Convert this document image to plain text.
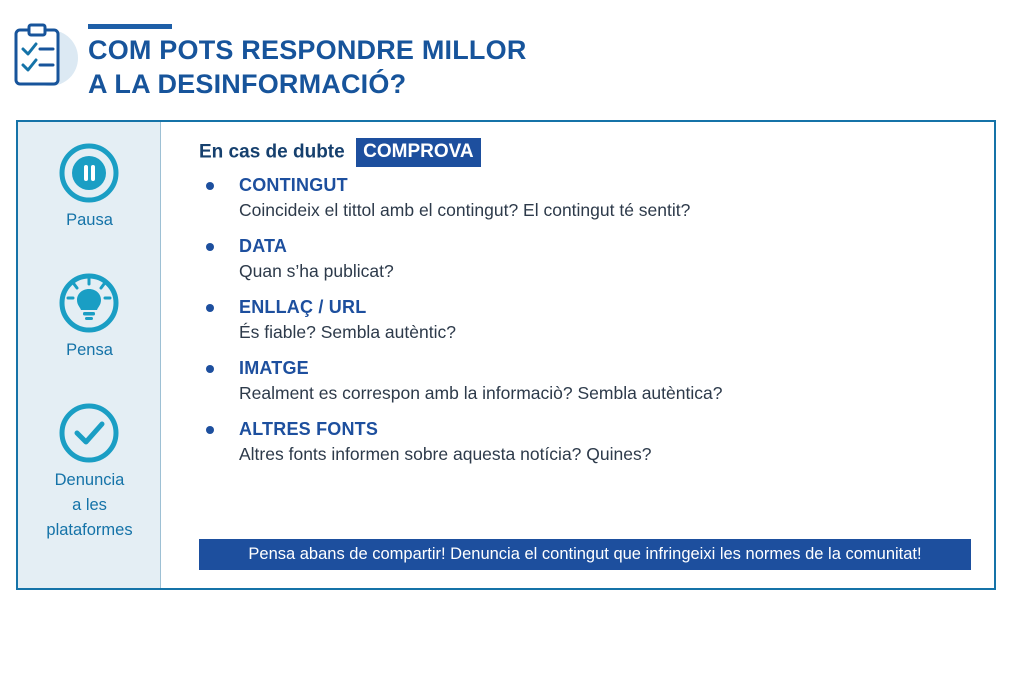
COM POTS RESPONDRE MILLOR
A LA DESINFORMACIÓ?
Pausa
Pensa
Denuncia
a les
plataformes
En cas de dubte COMPROVA
CONTINGUT
Coincideix el tittol amb el contingut? El contingut té sentit?
DATA
Quan s’ha publicat?
ENLLAÇ / URL
És fiable? Sembla autèntic?
IMATGE
Realment es correspon amb la informaciò? Sembla autèntica?
ALTRES FONTS
Altres fonts informen sobre aquesta notícia? Quines?
Pensa abans de compartir! Denuncia el contingut que infringeixi les normes de la comunitat!
